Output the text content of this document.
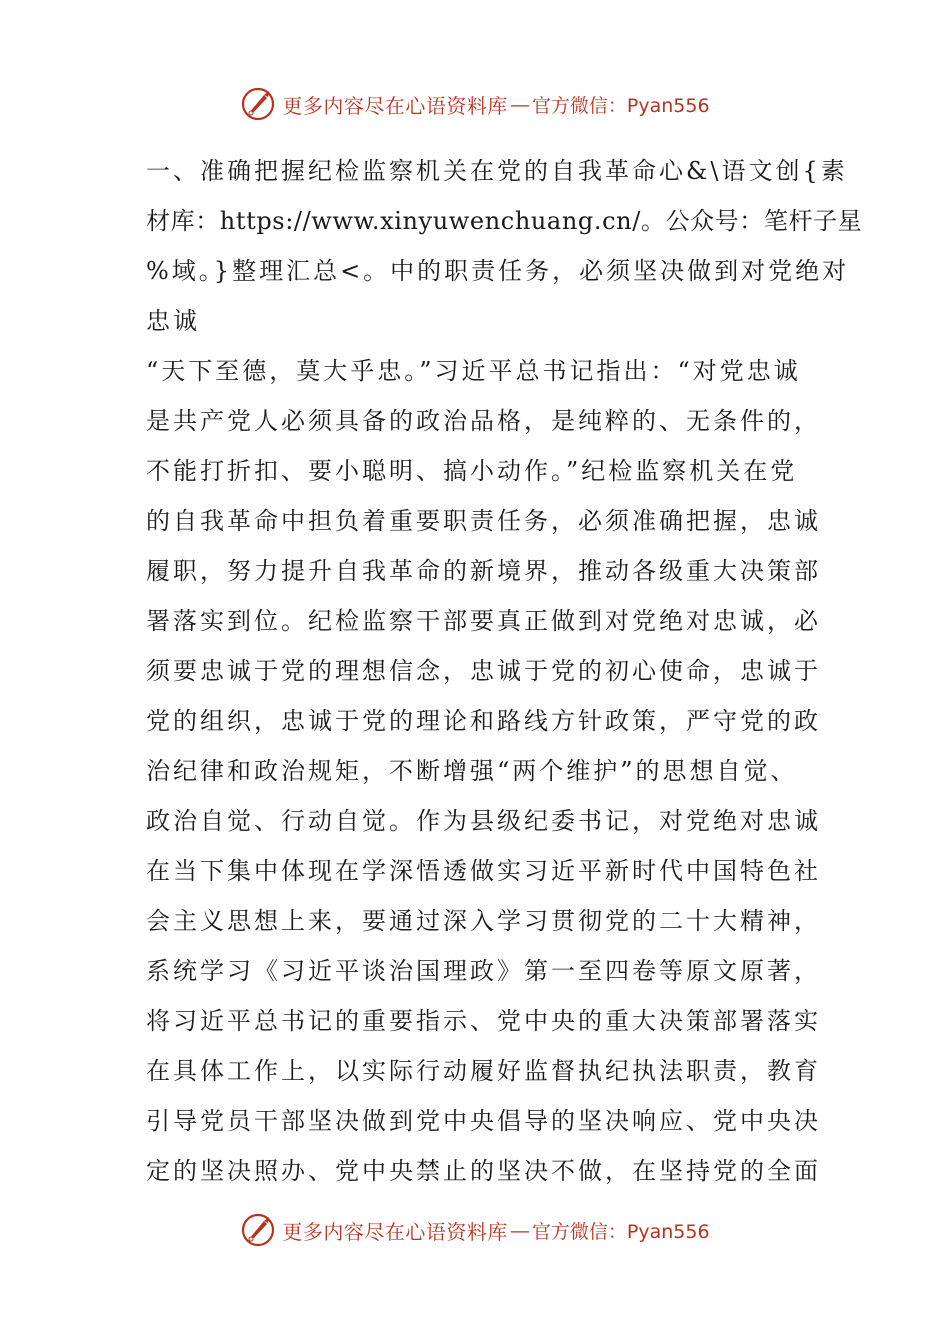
更多内容尽在心语资料库 — 官方微信：Pyan556
一、准确把握纪检监察机关在党的自我革命心&\语文创{素
材库：https://www.xinyuwenchuang.cn/。公众号：笔杆子星
%域。}整理汇总<。中的职责任务，必须坚决做到对党绝对
忠诚
“天下至德，莫大乎忠。”习近平总书记指出：“对党忠诚
是共产党人必须具备的政治品格，是纯粹的、无条件的，
不能打折扣、要小聪明、搞小动作。”纪检监察机关在党
的自我革命中担负着重要职责任务，必须准确把握，忠诚
履职，努力提升自我革命的新境界，推动各级重大决策部
署落实到位。纪检监察干部要真正做到对党绝对忠诚，必
须要忠诚于党的理想信念，忠诚于党的初心使命，忠诚于
党的组织，忠诚于党的理论和路线方针政策，严守党的政
治纪律和政治规矩，不断增强“两个维护”的思想自觉、
政治自觉、行动自觉。作为县级纪委书记，对党绝对忠诚
在当下集中体现在学深悟透做实习近平新时代中国特色社
会主义思想上来，要通过深入学习贯彻党的二十大精神，
系统学习《习近平谈治国理政》第一至四卷等原文原著，
将习近平总书记的重要指示、党中央的重大决策部署落实
在具体工作上，以实际行动履好监督执纪执法职责，教育
引导党员干部坚决做到党中央倡导的坚决响应、党中央决
定的坚决照办、党中央禁止的坚决不做，在坚持党的全面
更多内容尽在心语资料库 — 官方微信：Pyan556
